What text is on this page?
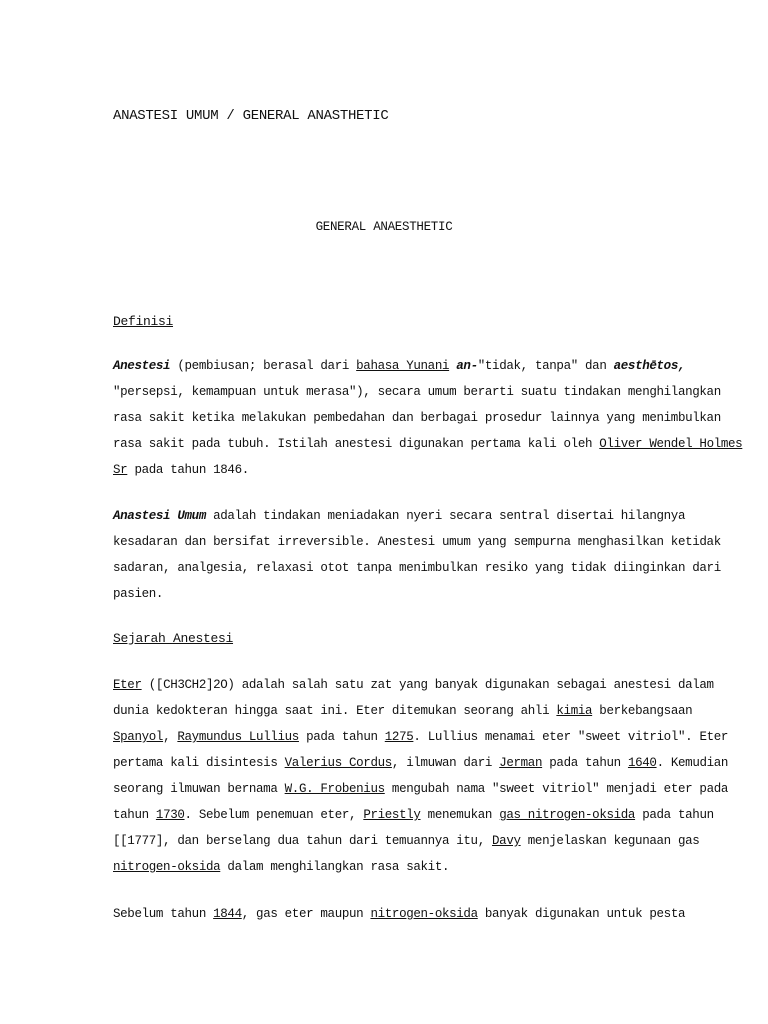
ANASTESI UMUM / GENERAL ANASTHETIC
GENERAL ANAESTHETIC
Definisi
Anestesi (pembiusan; berasal dari bahasa Yunani an-"tidak, tanpa" dan aesthētos,
"persepsi, kemampuan untuk merasa"), secara umum berarti suatu tindakan menghilangkan
rasa sakit ketika melakukan pembedahan dan berbagai prosedur lainnya yang menimbulkan
rasa sakit pada tubuh. Istilah anestesi digunakan pertama kali oleh Oliver Wendel Holmes
Sr pada tahun 1846.
Anastesi Umum adalah tindakan meniadakan nyeri secara sentral disertai hilangnya
kesadaran dan bersifat irreversible. Anestesi umum yang sempurna menghasilkan ketidak
sadaran, analgesia, relaxasi otot tanpa menimbulkan resiko yang tidak diinginkan dari
pasien.
Sejarah Anestesi
Eter ([CH3CH2]2O) adalah salah satu zat yang banyak digunakan sebagai anestesi dalam
dunia kedokteran hingga saat ini. Eter ditemukan seorang ahli kimia berkebangsaan
Spanyol, Raymundus Lullius pada tahun 1275. Lullius menamai eter "sweet vitriol". Eter
pertama kali disintesis Valerius Cordus, ilmuwan dari Jerman pada tahun 1640. Kemudian
seorang ilmuwan bernama W.G. Frobenius mengubah nama "sweet vitriol" menjadi eter pada
tahun 1730. Sebelum penemuan eter, Priestly menemukan gas nitrogen-oksida pada tahun
[[1777], dan berselang dua tahun dari temuannya itu, Davy menjelaskan kegunaan gas
nitrogen-oksida dalam menghilangkan rasa sakit.
Sebelum tahun 1844, gas eter maupun nitrogen-oksida banyak digunakan untuk pesta
